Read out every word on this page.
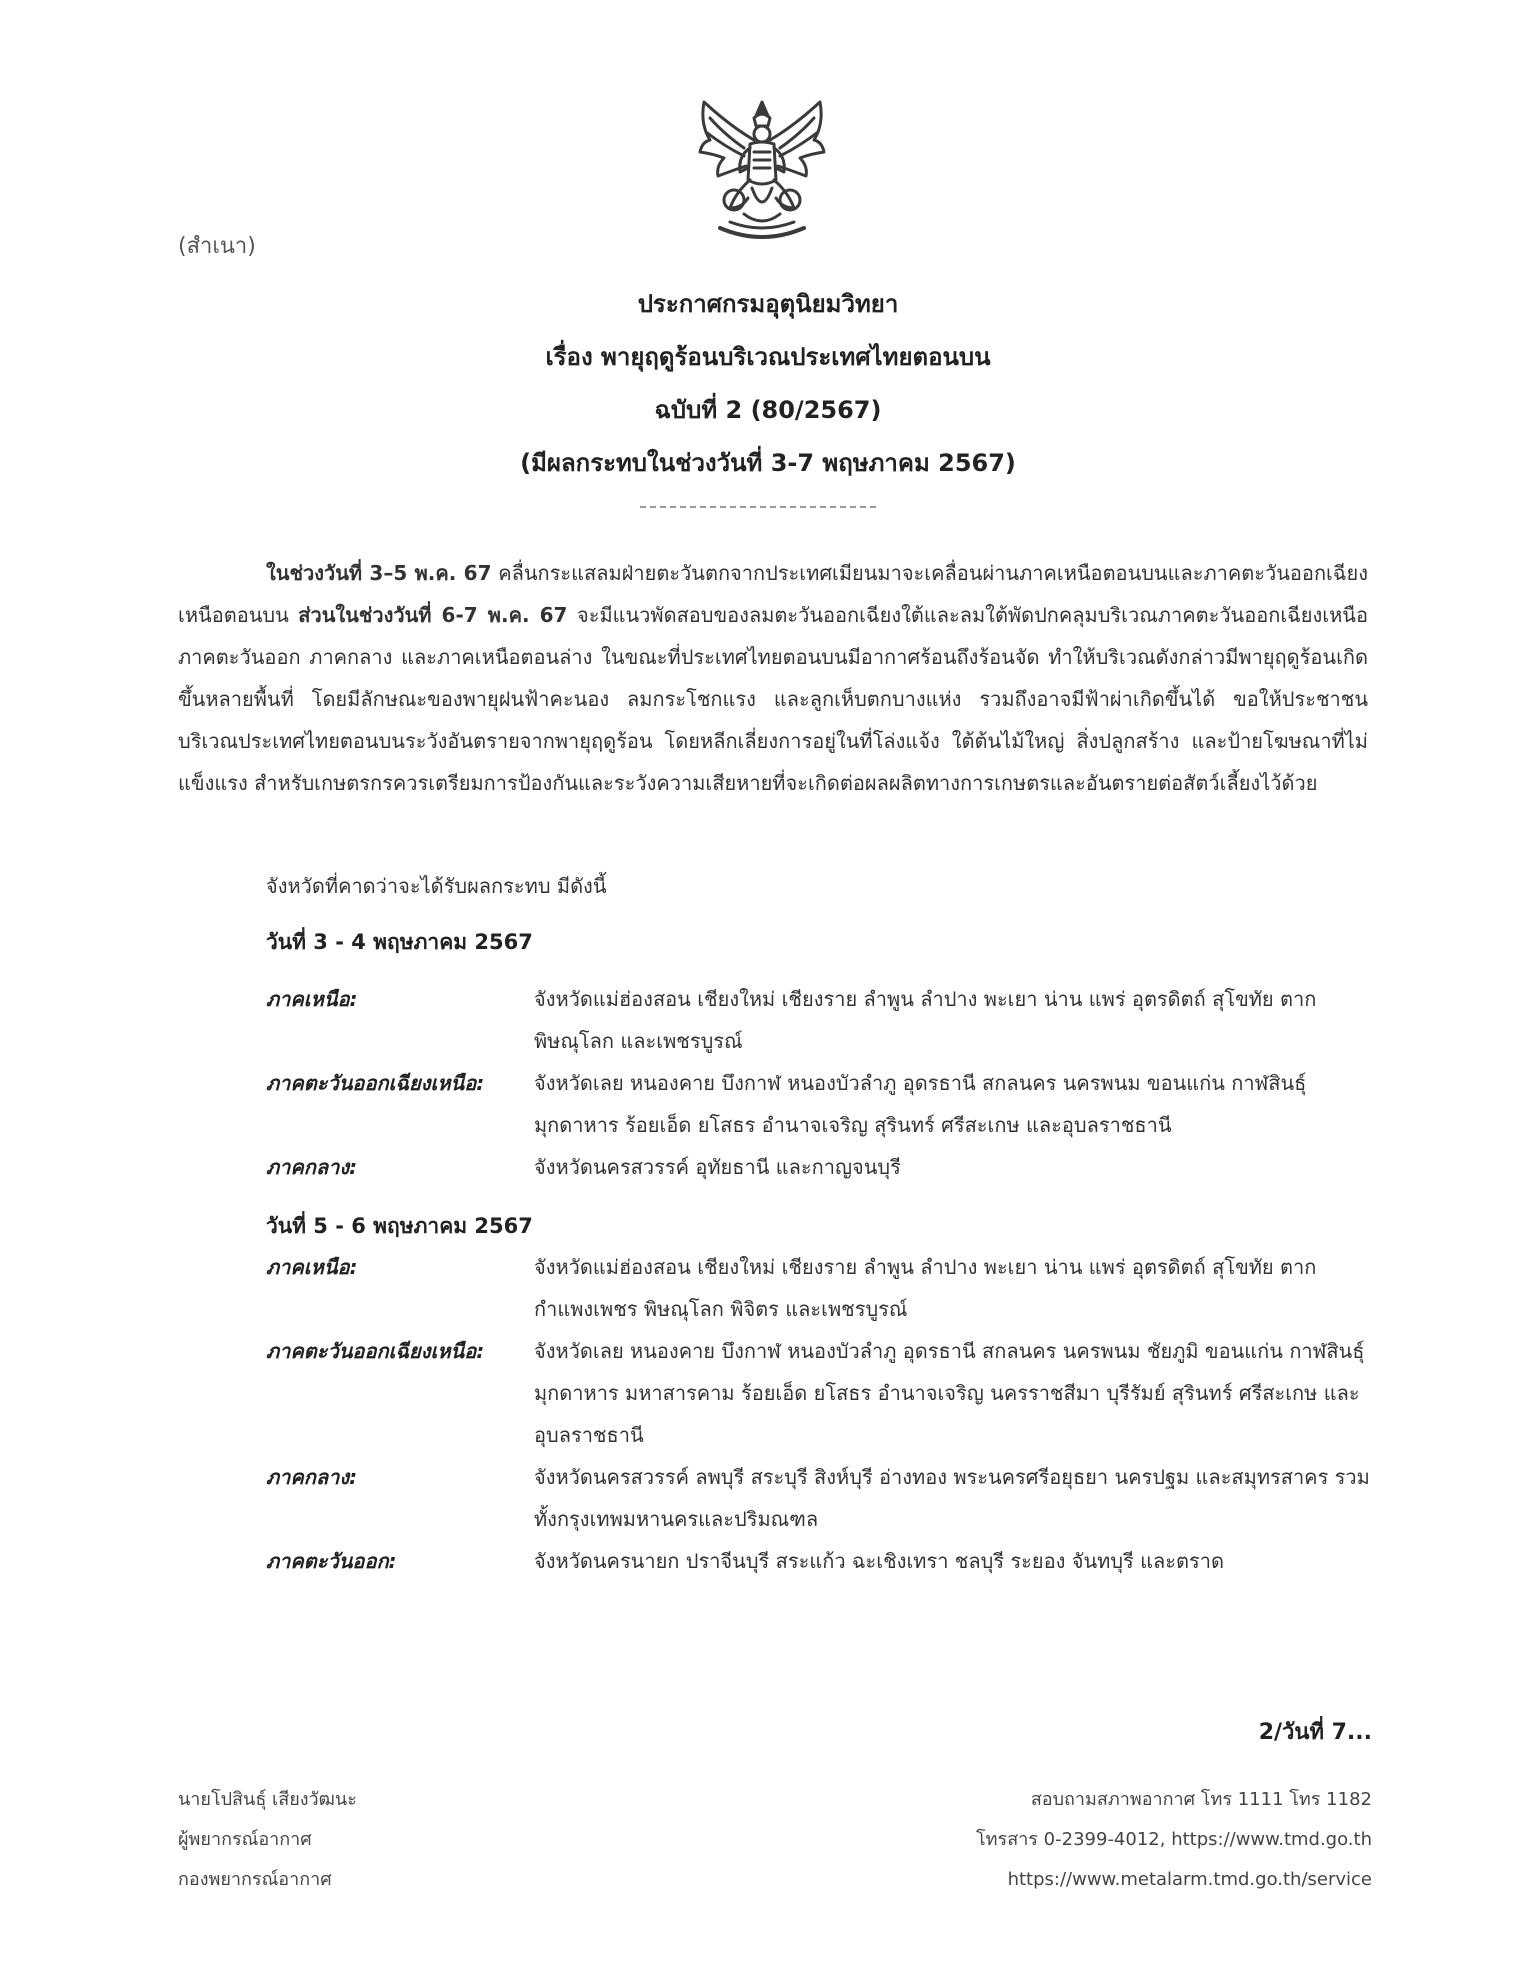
(สำเนา)
ประกาศกรมอุตุนิยมวิทยา
เรื่อง พายุฤดูร้อนบริเวณประเทศไทยตอนบน
ฉบับที่ 2 (80/2567)
(มีผลกระทบในช่วงวันที่ 3-7 พฤษภาคม 2567)
ในช่วงวันที่ 3–5 พ.ค. 67 คลื่นกระแสลมฝ่ายตะวันตกจากประเทศเมียนมาจะเคลื่อนผ่านภาคเหนือตอนบนและภาคตะวันออกเฉียงเหนือตอนบน ส่วนในช่วงวันที่ 6-7 พ.ค. 67 จะมีแนวพัดสอบของลมตะวันออกเฉียงใต้และลมใต้พัดปกคลุมบริเวณภาคตะวันออกเฉียงเหนือ ภาคตะวันออก ภาคกลาง และภาคเหนือตอนล่าง ในขณะที่ประเทศไทยตอนบนมีอากาศร้อนถึงร้อนจัด ทำให้บริเวณดังกล่าวมีพายุฤดูร้อนเกิดขึ้นหลายพื้นที่ โดยมีลักษณะของพายุฝนฟ้าคะนอง ลมกระโชกแรง และลูกเห็บตกบางแห่ง รวมถึงอาจมีฟ้าผ่าเกิดขึ้นได้ ขอให้ประชาชนบริเวณประเทศไทยตอนบนระวังอันตรายจากพายุฤดูร้อน โดยหลีกเลี่ยงการอยู่ในที่โล่งแจ้ง ใต้ต้นไม้ใหญ่ สิ่งปลูกสร้าง และป้ายโฆษณาที่ไม่แข็งแรง สำหรับเกษตรกรควรเตรียมการป้องกันและระวังความเสียหายที่จะเกิดต่อผลผลิตทางการเกษตรและอันตรายต่อสัตว์เลี้ยงไว้ด้วย
จังหวัดที่คาดว่าจะได้รับผลกระทบ มีดังนี้
วันที่ 3 - 4 พฤษภาคม 2567
ภาคเหนือ:	จังหวัดแม่ฮ่องสอน เชียงใหม่ เชียงราย ลำพูน ลำปาง พะเยา น่าน แพร่ อุตรดิตถ์ สุโขทัย ตาก พิษณุโลก และเพชรบูรณ์
ภาคตะวันออกเฉียงเหนือ:	จังหวัดเลย หนองคาย บึงกาฬ หนองบัวลำภู อุดรธานี สกลนคร นครพนม ขอนแก่น กาฬสินธุ์ มุกดาหาร ร้อยเอ็ด ยโสธร อำนาจเจริญ สุรินทร์ ศรีสะเกษ และอุบลราชธานี
ภาคกลาง:	จังหวัดนครสวรรค์ อุทัยธานี และกาญจนบุรี
วันที่ 5 - 6 พฤษภาคม 2567
ภาคเหนือ:	จังหวัดแม่ฮ่องสอน เชียงใหม่ เชียงราย ลำพูน ลำปาง พะเยา น่าน แพร่ อุตรดิตถ์ สุโขทัย ตาก กำแพงเพชร พิษณุโลก พิจิตร และเพชรบูรณ์
ภาคตะวันออกเฉียงเหนือ:	จังหวัดเลย หนองคาย บึงกาฬ หนองบัวลำภู อุดรธานี สกลนคร นครพนม ชัยภูมิ ขอนแก่น กาฬสินธุ์ มุกดาหาร มหาสารคาม ร้อยเอ็ด ยโสธร อำนาจเจริญ นครราชสีมา บุรีรัมย์ สุรินทร์ ศรีสะเกษ และอุบลราชธานี
ภาคกลาง:	จังหวัดนครสวรรค์ ลพบุรี สระบุรี สิงห์บุรี อ่างทอง พระนครศรีอยุธยา นครปฐม และสมุทรสาคร รวมทั้งกรุงเทพมหานครและปริมณฑล
ภาคตะวันออก:	จังหวัดนครนายก ปราจีนบุรี สระแก้ว ฉะเชิงเทรา ชลบุรี ระยอง จันทบุรี และตราด
2/วันที่ 7...
นายโปสินธุ์ เสียงวัฒนะ
ผู้พยากรณ์อากาศ
กองพยากรณ์อากาศ
สอบถามสภาพอากาศ โทร 1111 โทร 1182
โทรสาร 0-2399-4012, https://www.tmd.go.th
https://www.metalarm.tmd.go.th/service
